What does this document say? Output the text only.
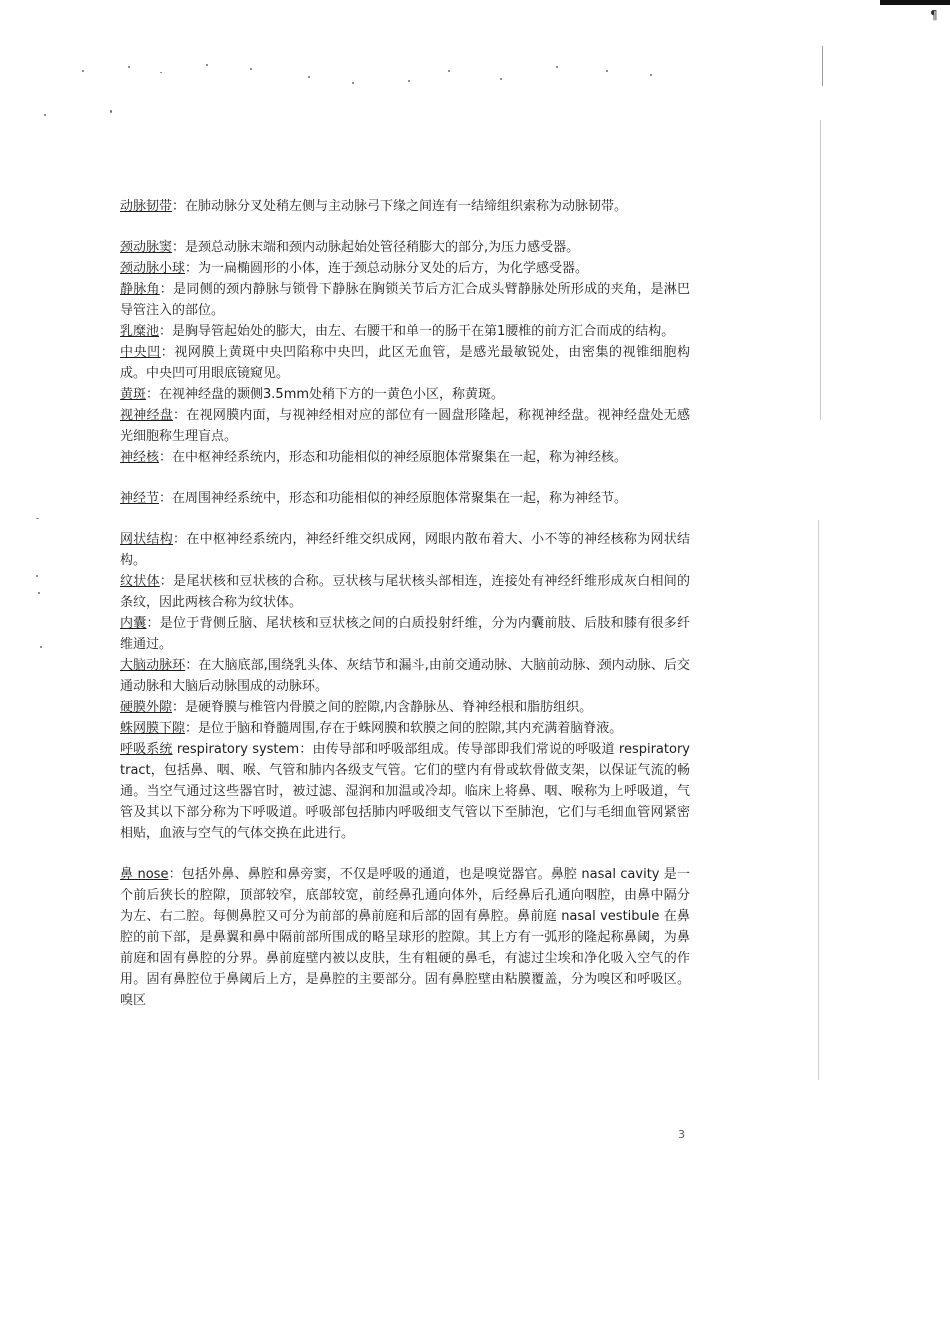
¶

动脉韧带：在肺动脉分叉处稍左侧与主动脉弓下缘之间连有一结缔组织索称为动脉韧带。

颈动脉窦：是颈总动脉末端和颈内动脉起始处管径稍膨大的部分,为压力感受器。

颈动脉小球：为一扁椭圆形的小体，连于颈总动脉分叉处的后方，为化学感受器。

静脉角：是同侧的颈内静脉与锁骨下静脉在胸锁关节后方汇合成头臂静脉处所形成的夹角，是淋巴导管注入的部位。

乳糜池：是胸导管起始处的膨大，由左、右腰干和单一的肠干在第1腰椎的前方汇合而成的结构。

中央凹：视网膜上黄斑中央凹陷称中央凹，此区无血管，是感光最敏锐处，由密集的视锥细胞构成。中央凹可用眼底镜窥见。

黄斑：在视神经盘的颞侧3.5mm处稍下方的一黄色小区，称黄斑。

视神经盘：在视网膜内面，与视神经相对应的部位有一圆盘形隆起，称视神经盘。视神经盘处无感光细胞称生理盲点。

神经核：在中枢神经系统内，形态和功能相似的神经原胞体常聚集在一起，称为神经核。

神经节：在周围神经系统中，形态和功能相似的神经原胞体常聚集在一起，称为神经节。

网状结构：在中枢神经系统内，神经纤维交织成网，网眼内散布着大、小不等的神经核称为网状结构。

纹状体：是尾状核和豆状核的合称。豆状核与尾状核头部相连，连接处有神经纤维形成灰白相间的条纹，因此两核合称为纹状体。

内囊：是位于背侧丘脑、尾状核和豆状核之间的白质投射纤维，分为内囊前肢、后肢和膝有很多纤维通过。

大脑动脉环：在大脑底部,围绕乳头体、灰结节和漏斗,由前交通动脉、大脑前动脉、颈内动脉、后交通动脉和大脑后动脉围成的动脉环。

硬膜外隙：是硬脊膜与椎管内骨膜之间的腔隙,内含静脉丛、脊神经根和脂肪组织。

蛛网膜下隙：是位于脑和脊髓周围,存在于蛛网膜和软膜之间的腔隙,其内充满着脑脊液。

呼吸系统 respiratory system：由传导部和呼吸部组成。传导部即我们常说的呼吸道 respiratory tract，包括鼻、咽、喉、气管和肺内各级支气管。它们的壁内有骨或软骨做支架，以保证气流的畅通。当空气通过这些器官时，被过滤、湿润和加温或冷却。临床上将鼻、咽、喉称为上呼吸道，气管及其以下部分称为下呼吸道。呼吸部包括肺内呼吸细支气管以下至肺泡，它们与毛细血管网紧密相贴，血液与空气的气体交换在此进行。

鼻 nose：包括外鼻、鼻腔和鼻旁窦，不仅是呼吸的通道，也是嗅觉器官。鼻腔 nasal cavity 是一个前后狭长的腔隙，顶部较窄，底部较宽，前经鼻孔通向体外，后经鼻后孔通向咽腔，由鼻中隔分为左、右二腔。每侧鼻腔又可分为前部的鼻前庭和后部的固有鼻腔。鼻前庭 nasal vestibule 在鼻腔的前下部，是鼻翼和鼻中隔前部所围成的略呈球形的腔隙。其上方有一弧形的隆起称鼻阈，为鼻前庭和固有鼻腔的分界。鼻前庭壁内被以皮肤，生有粗硬的鼻毛，有滤过尘埃和净化吸入空气的作用。固有鼻腔位于鼻阈后上方，是鼻腔的主要部分。固有鼻腔壁由粘膜覆盖，分为嗅区和呼吸区。嗅区

3
